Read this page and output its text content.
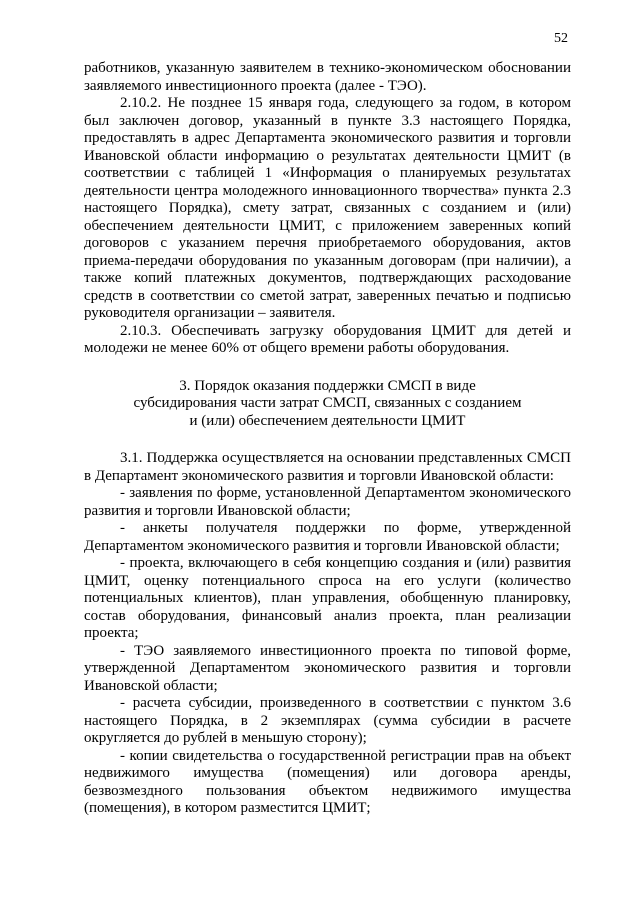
52

работников, указанную заявителем в технико-экономическом обосновании заявляемого инвестиционного проекта (далее - ТЭО).

2.10.2. Не позднее 15 января года, следующего за годом, в котором был заключен договор, указанный в пункте 3.3 настоящего Порядка, предоставлять в адрес Департамента экономического развития и торговли Ивановской области информацию о результатах деятельности ЦМИТ (в соответствии с таблицей 1 «Информация о планируемых результатах деятельности центра молодежного инновационного творчества» пункта 2.3 настоящего Порядка), смету затрат, связанных с созданием и (или) обеспечением деятельности ЦМИТ, с приложением заверенных копий договоров с указанием перечня приобретаемого оборудования, актов приема-передачи оборудования по указанным договорам (при наличии), а также копий платежных документов, подтверждающих расходование средств в соответствии со сметой затрат, заверенных печатью и подписью руководителя организации – заявителя.

2.10.3. Обеспечивать загрузку оборудования ЦМИТ для детей и молодежи не менее 60% от общего времени работы оборудования.

3. Порядок оказания поддержки СМСП в виде
субсидирования части затрат СМСП, связанных с созданием
и (или) обеспечением деятельности ЦМИТ

3.1. Поддержка осуществляется на основании представленных СМСП в Департамент экономического развития и торговли Ивановской области:

- заявления по форме, установленной Департаментом экономического развития и торговли Ивановской области;

- анкеты получателя поддержки по форме, утвержденной Департаментом экономического развития и торговли Ивановской области;

- проекта, включающего в себя концепцию создания и (или) развития ЦМИТ, оценку потенциального спроса на его услуги (количество потенциальных клиентов), план управления, обобщенную планировку, состав оборудования, финансовый анализ проекта, план реализации проекта;

- ТЭО заявляемого инвестиционного проекта по типовой форме, утвержденной Департаментом экономического развития и торговли Ивановской области;

- расчета субсидии, произведенного в соответствии с пунктом 3.6 настоящего Порядка, в 2 экземплярах (сумма субсидии в расчете округляется до рублей в меньшую сторону);

- копии свидетельства о государственной регистрации прав на объект недвижимого имущества (помещения) или договора аренды, безвозмездного пользования объектом недвижимого имущества (помещения), в котором разместится ЦМИТ;
